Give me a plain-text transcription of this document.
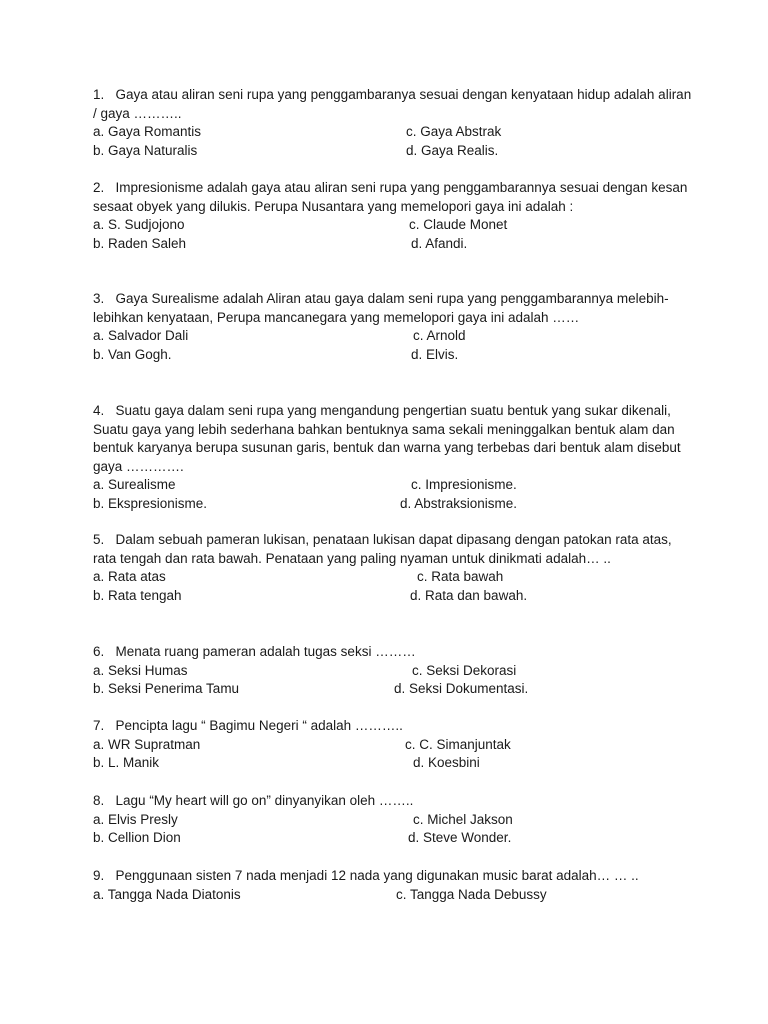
1. Gaya atau aliran seni rupa yang penggambaranya sesuai dengan kenyataan hidup adalah aliran / gaya ………..

a. Gaya Romantis	c. Gaya Abstrak
b. Gaya Naturalis	d. Gaya Realis.

2. Impresionisme adalah gaya atau aliran seni rupa yang penggambarannya sesuai dengan kesan sesaat obyek yang dilukis. Perupa Nusantara yang memelopori gaya ini adalah :

a. S. Sudjojono	c. Claude Monet
b. Raden Saleh	d. Afandi.

3. Gaya Surealisme adalah Aliran atau gaya dalam seni rupa yang penggambarannya melebih-lebihkan kenyataan, Perupa mancanegara yang memelopori gaya ini adalah ……

a. Salvador Dali	c. Arnold
b. Van Gogh.	d. Elvis.

4. Suatu gaya dalam seni rupa yang mengandung pengertian suatu bentuk yang sukar dikenali, Suatu gaya yang lebih sederhana bahkan bentuknya sama sekali meninggalkan bentuk alam dan bentuk karyanya berupa susunan garis, bentuk dan warna yang terbebas dari bentuk alam disebut gaya ………….

a. Surealisme	c. Impresionisme.
b. Ekspresionisme.	d. Abstraksionisme.

5. Dalam sebuah pameran lukisan, penataan lukisan dapat dipasang dengan patokan rata atas, rata tengah dan rata bawah. Penataan yang paling nyaman untuk dinikmati adalah… ..

a. Rata atas	c. Rata bawah
b. Rata tengah	d. Rata dan bawah.

6. Menata ruang pameran adalah tugas seksi ………

a. Seksi Humas	c. Seksi Dekorasi
b. Seksi Penerima Tamu	d. Seksi Dokumentasi.

7. Pencipta lagu “ Bagimu Negeri “ adalah ………..

a. WR Supratman	c. C. Simanjuntak
b. L. Manik	d. Koesbini

8. Lagu “My heart will go on” dinyanyikan oleh ……..

a. Elvis Presly	c. Michel Jakson
b. Cellion Dion	d. Steve Wonder.

9. Penggunaan sisten 7 nada menjadi 12 nada yang digunakan music barat adalah… … ..

a. Tangga Nada Diatonis	c. Tangga Nada Debussy
